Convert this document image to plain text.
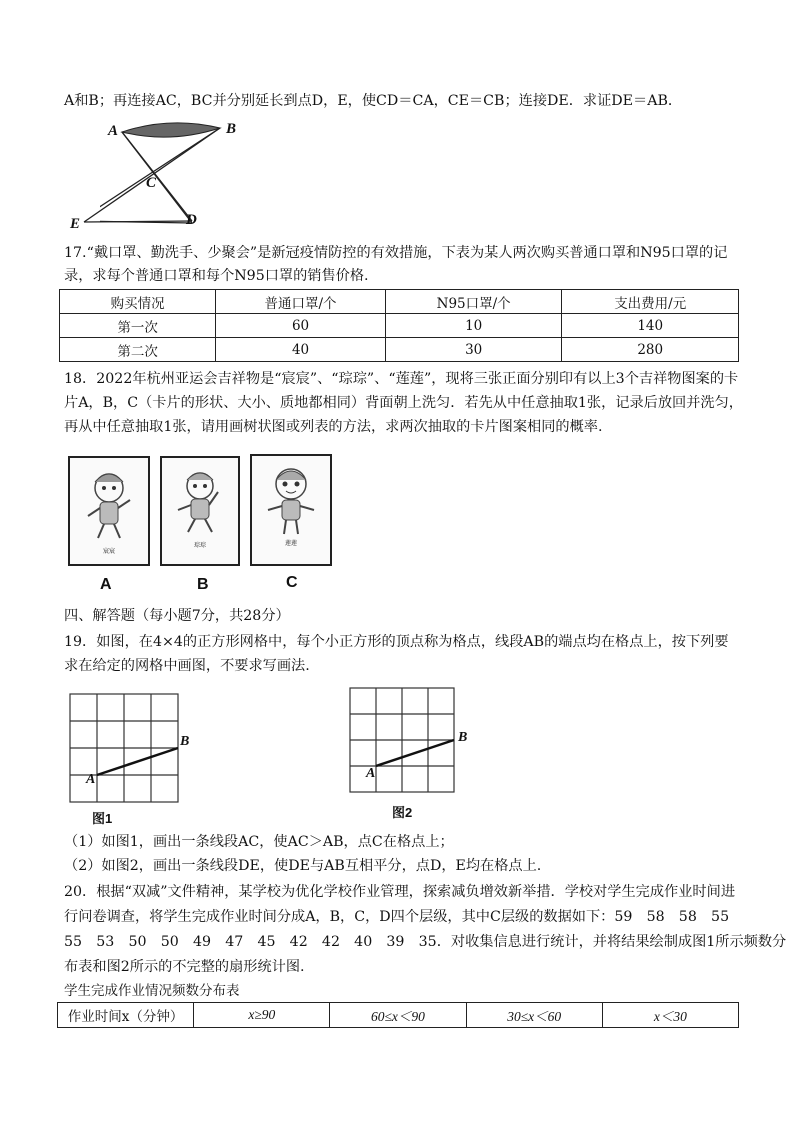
A和B；再连接AC，BC并分别延长到点D，E，使CD＝CA，CE＝CB；连接DE．求证DE＝AB．
A	B
C
D
E
17.“戴口罩、勤洗手、少聚会”是新冠疫情防控的有效措施，下表为某人两次购买普通口罩和N95口罩的记
录，求每个普通口罩和每个N95口罩的销售价格.
购买情况	普通口罩/个	N95口罩/个	支出费用/元
第一次	60	10	140
第二次	40	30	280
18．2022年杭州亚运会吉祥物是“宸宸”、“琮琮”、“莲莲”，现将三张正面分别印有以上3个吉祥物图案的卡
片A，B，C（卡片的形状、大小、质地都相同）背面朝上洗匀．若先从中任意抽取1张，记录后放回并洗匀，
再从中任意抽取1张，请用画树状图或列表的方法，求两次抽取的卡片图案相同的概率.
宸宸
琮琮	莲莲
A	B	C
四、解答题（每小题7分，共28分）
19．如图，在4×4的正方形网格中，每个小正方形的顶点称为格点，线段AB的端点均在格点上，按下列要
求在给定的网格中画图，不要求写画法.
A
B
图1
A
B
图2
（1）如图1，画出一条线段AC，使AC＞AB，点C在格点上；
（2）如图2，画出一条线段DE，使DE与AB互相平分，点D，E均在格点上.
20．根据“双减”文件精神，某学校为优化学校作业管理，探索减负增效新举措．学校对学生完成作业时间进
行问卷调查，将学生完成作业时间分成A，B，C，D四个层级，其中C层级的数据如下：59　58　58　55
55　53　50　50　49　47　45　42　42　40　39　35．对收集信息进行统计，并将结果绘制成图1所示频数分
布表和图2所示的不完整的扇形统计图.
学生完成作业情况频数分布表
作业时间x（分钟）	x≥90	60≤x＜90	30≤x＜60	x＜30
